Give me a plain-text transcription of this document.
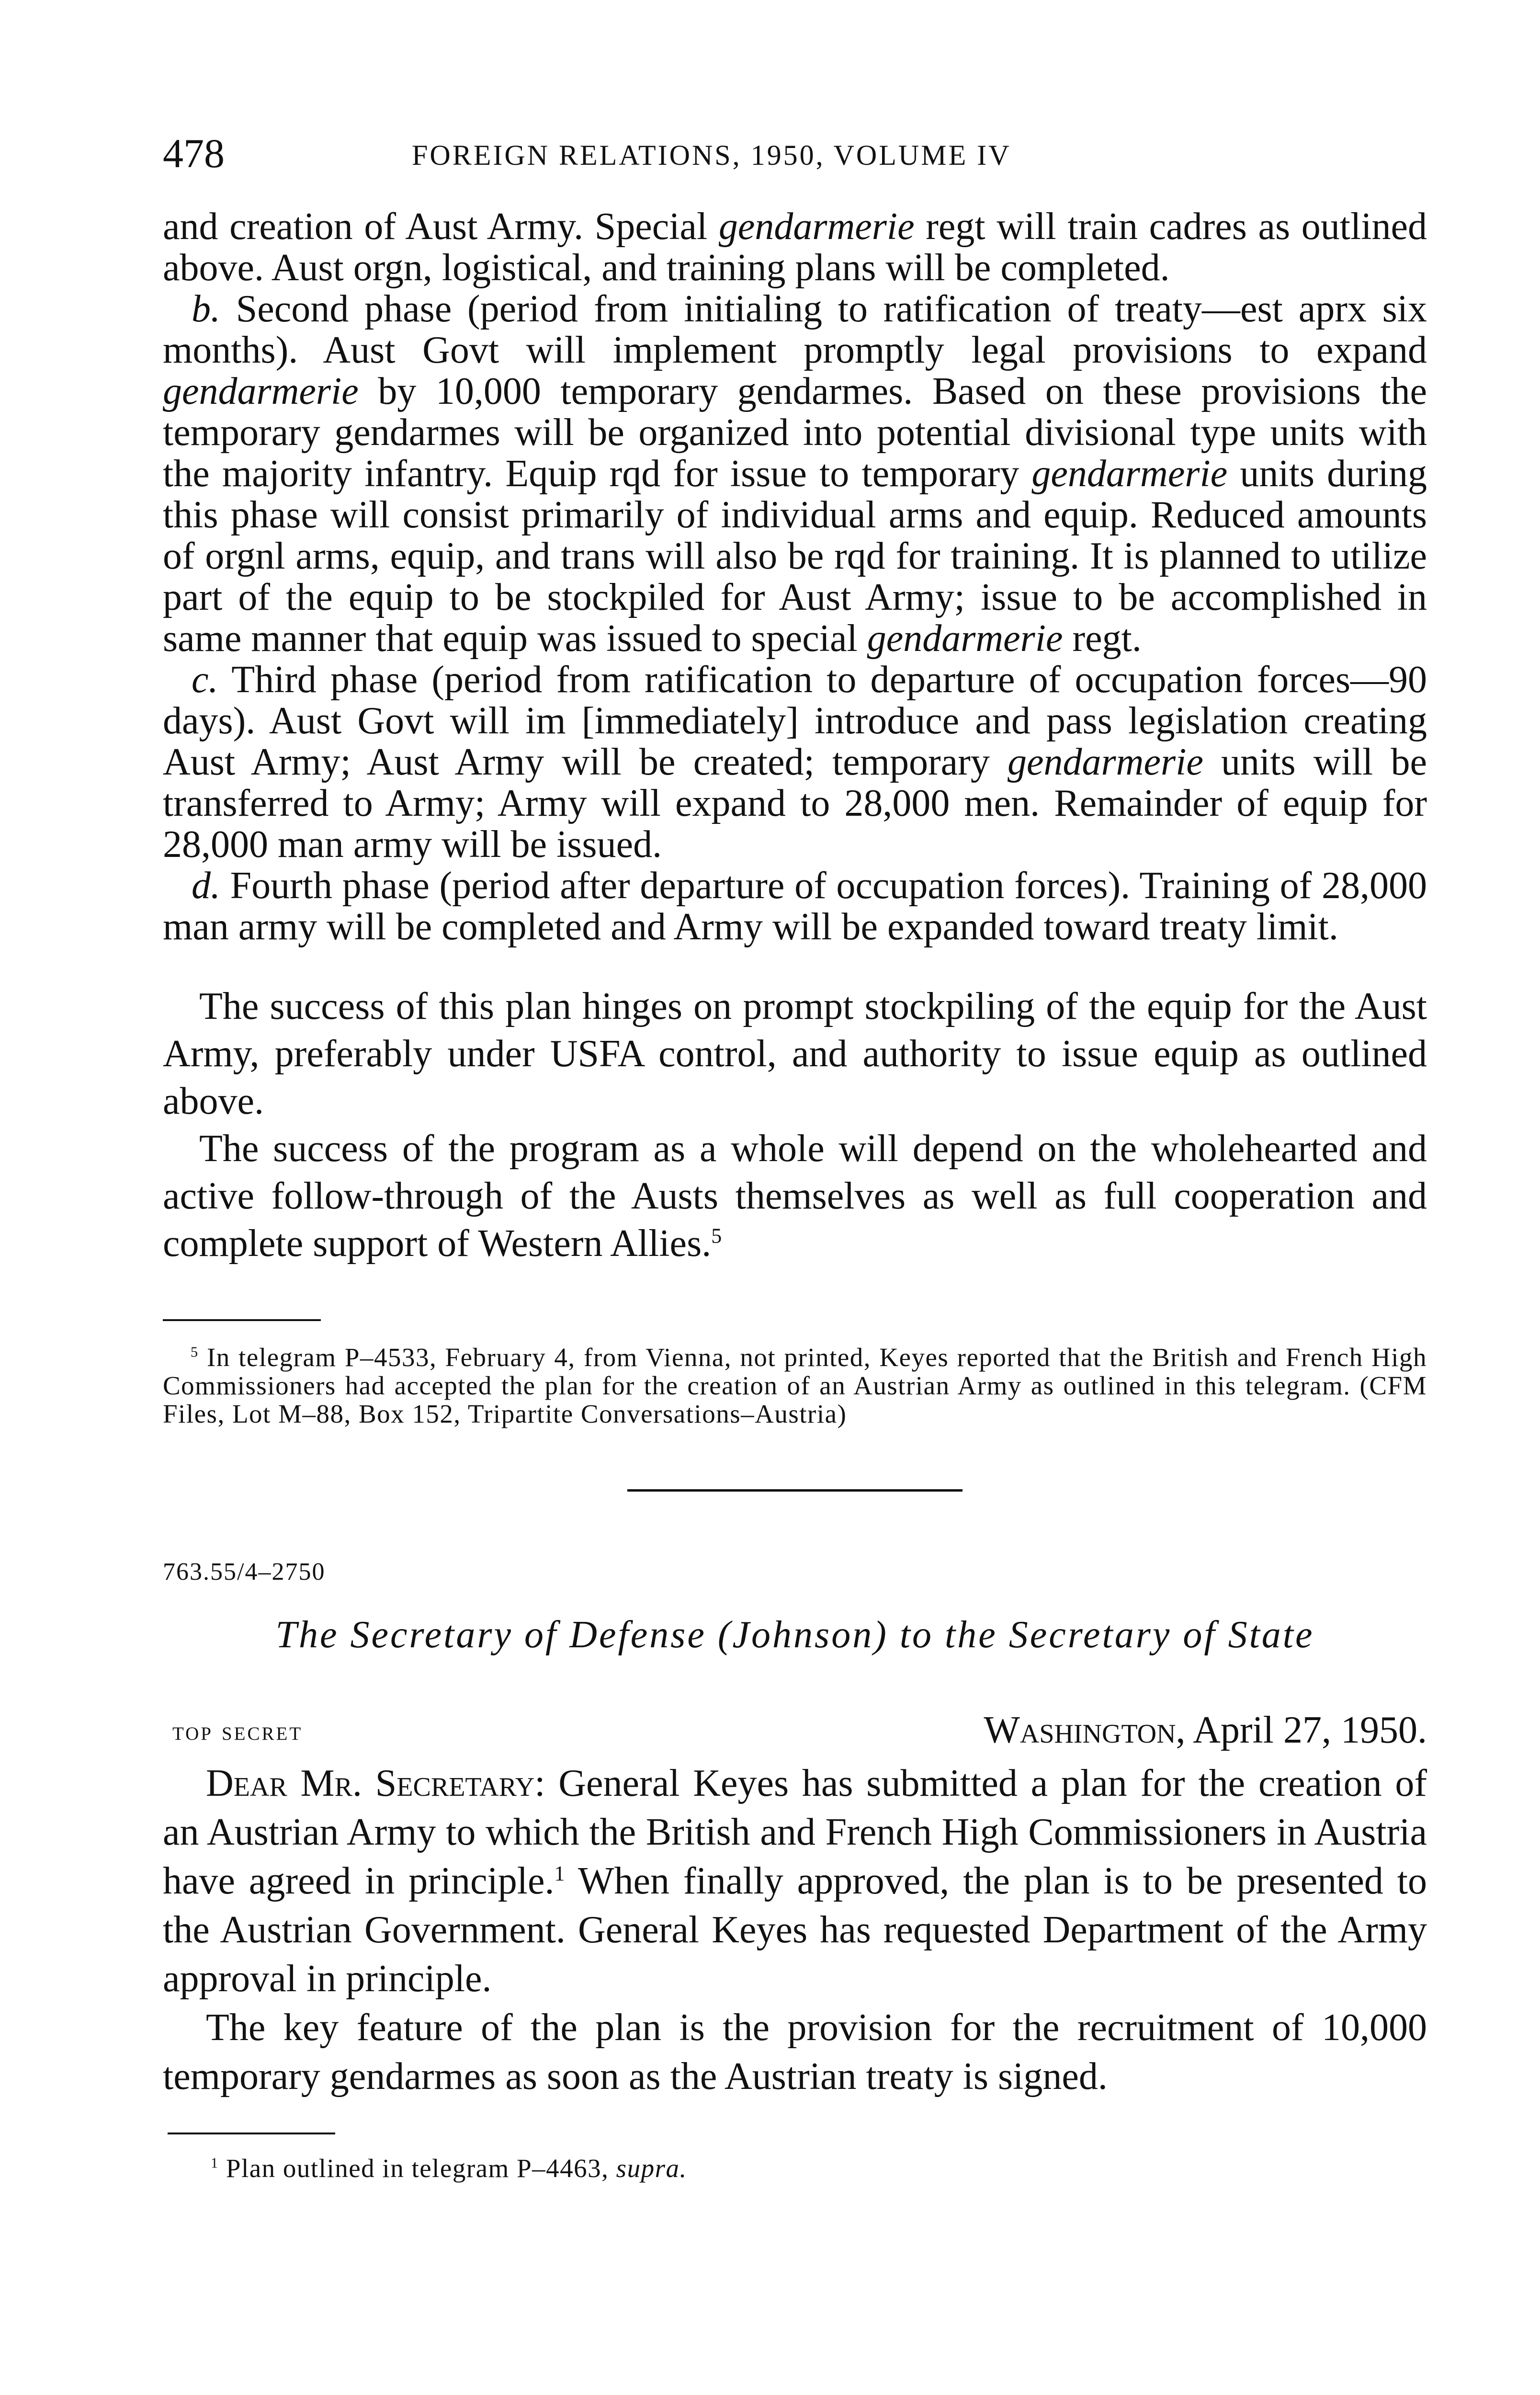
478	FOREIGN RELATIONS, 1950, VOLUME IV

and creation of Aust Army. Special gendarmerie regt will train cadres as outlined above. Aust orgn, logistical, and training plans will be completed.

b. Second phase (period from initialing to ratification of treaty—est aprx six months). Aust Govt will implement promptly legal provisions to expand gendarmerie by 10,000 temporary gendarmes. Based on these provisions the temporary gendarmes will be organized into potential divisional type units with the majority infantry. Equip rqd for issue to temporary gendarmerie units during this phase will consist primarily of individual arms and equip. Reduced amounts of orgnl arms, equip, and trans will also be rqd for training. It is planned to utilize part of the equip to be stockpiled for Aust Army; issue to be accomplished in same manner that equip was issued to special gendarmerie regt.

c. Third phase (period from ratification to departure of occupation forces—90 days). Aust Govt will im [immediately] introduce and pass legislation creating Aust Army; Aust Army will be created; temporary gendarmerie units will be transferred to Army; Army will expand to 28,000 men. Remainder of equip for 28,000 man army will be issued.

d. Fourth phase (period after departure of occupation forces). Training of 28,000 man army will be completed and Army will be expanded toward treaty limit.

The success of this plan hinges on prompt stockpiling of the equip for the Aust Army, preferably under USFA control, and authority to issue equip as outlined above.

The success of the program as a whole will depend on the wholehearted and active follow-through of the Austs themselves as well as full cooperation and complete support of Western Allies.$^5$

$^5$ In telegram P–4533, February 4, from Vienna, not printed, Keyes reported that the British and French High Commissioners had accepted the plan for the creation of an Austrian Army as outlined in this telegram. (CFM Files, Lot M–88, Box 152, Tripartite Conversations–Austria)

763.55/4–2750
The Secretary of Defense (Johnson) to the Secretary of State
top secret	Washington, April 27, 1950.

Dear Mr. Secretary: General Keyes has submitted a plan for the creation of an Austrian Army to which the British and French High Commissioners in Austria have agreed in principle.$^1$ When finally approved, the plan is to be presented to the Austrian Government. General Keyes has requested Department of the Army approval in principle.

The key feature of the plan is the provision for the recruitment of 10,000 temporary gendarmes as soon as the Austrian treaty is signed.

$^1$ Plan outlined in telegram P–4463, supra.
